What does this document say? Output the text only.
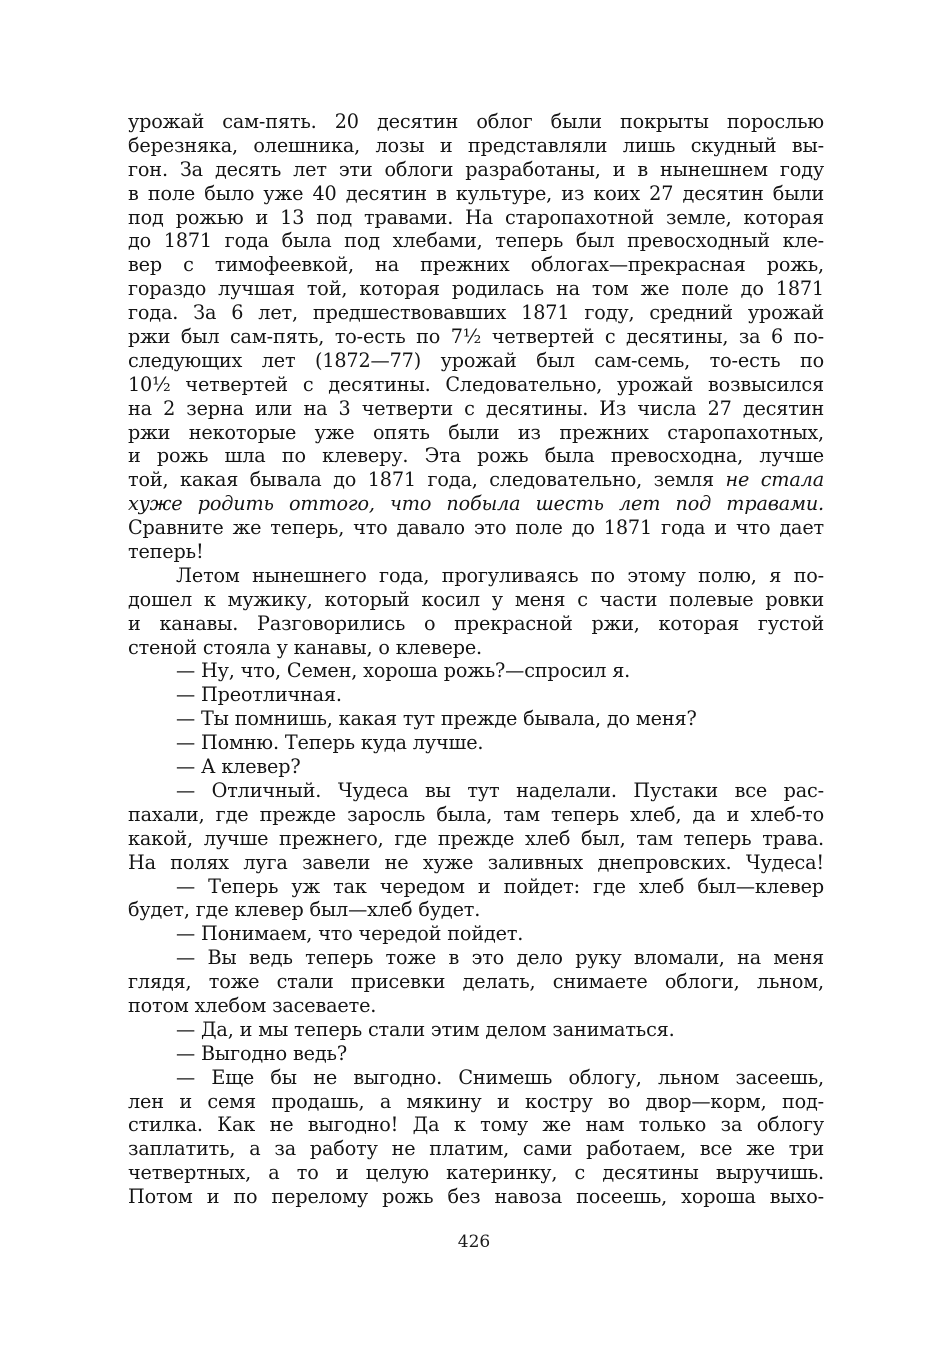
урожай сам-пять. 20 десятин облог были покрыты порослью
березняка, олешника, лозы и представляли лишь скудный вы-
гон. За десять лет эти облоги разработаны, и в нынешнем году
в поле было уже 40 десятин в культуре, из коих 27 десятин были
под рожью и 13 под травами. На старопахотной земле, которая
до 1871 года была под хлебами, теперь был превосходный кле-
вер с тимофеевкой, на прежних облогах—прекрасная рожь,
гораздо лучшая той, которая родилась на том же поле до 1871
года. За 6 лет, предшествовавших 1871 году, средний урожай
ржи был сам-пять, то-есть по 7½ четвертей с десятины, за 6 по-
следующих лет (1872—77) урожай был сам-семь, то-есть по
10½ четвертей с десятины. Следовательно, урожай возвысился
на 2 зерна или на 3 четверти с десятины. Из числа 27 десятин
ржи некоторые уже опять были из прежних старопахотных,
и рожь шла по клеверу. Эта рожь была превосходна, лучше
той, какая бывала до 1871 года, следовательно, земля не стала
хуже родить оттого, что побыла шесть лет под травами.
Сравните же теперь, что давало это поле до 1871 года и что дает
теперь!
Летом нынешнего года, прогуливаясь по этому полю, я по-
дошел к мужику, который косил у меня с части полевые ровки
и канавы. Разговорились о прекрасной ржи, которая густой
стеной стояла у канавы, о клевере.
— Ну, что, Семен, хороша рожь?—спросил я.
— Преотличная.
— Ты помнишь, какая тут прежде бывала, до меня?
— Помню. Теперь куда лучше.
— А клевер?
— Отличный. Чудеса вы тут наделали. Пустаки все рас-
пахали, где прежде заросль была, там теперь хлеб, да и хлеб-то
какой, лучше прежнего, где прежде хлеб был, там теперь трава.
На полях луга завели не хуже заливных днепровских. Чудеса!
— Теперь уж так чередом и пойдет: где хлеб был—клевер
будет, где клевер был—хлеб будет.
— Понимаем, что чередой пойдет.
— Вы ведь теперь тоже в это дело руку вломали, на меня
глядя, тоже стали присевки делать, снимаете облоги, льном,
потом хлебом засеваете.
— Да, и мы теперь стали этим делом заниматься.
— Выгодно ведь?
— Еще бы не выгодно. Снимешь облогу, льном засеешь,
лен и семя продашь, а мякину и костру во двор—корм, под-
стилка. Как не выгодно! Да к тому же нам только за облогу
заплатить, а за работу не платим, сами работаем, все же три
четвертных, а то и целую катеринку, с десятины выручишь.
Потом и по перелому рожь без навоза посеешь, хороша выхо-
426
